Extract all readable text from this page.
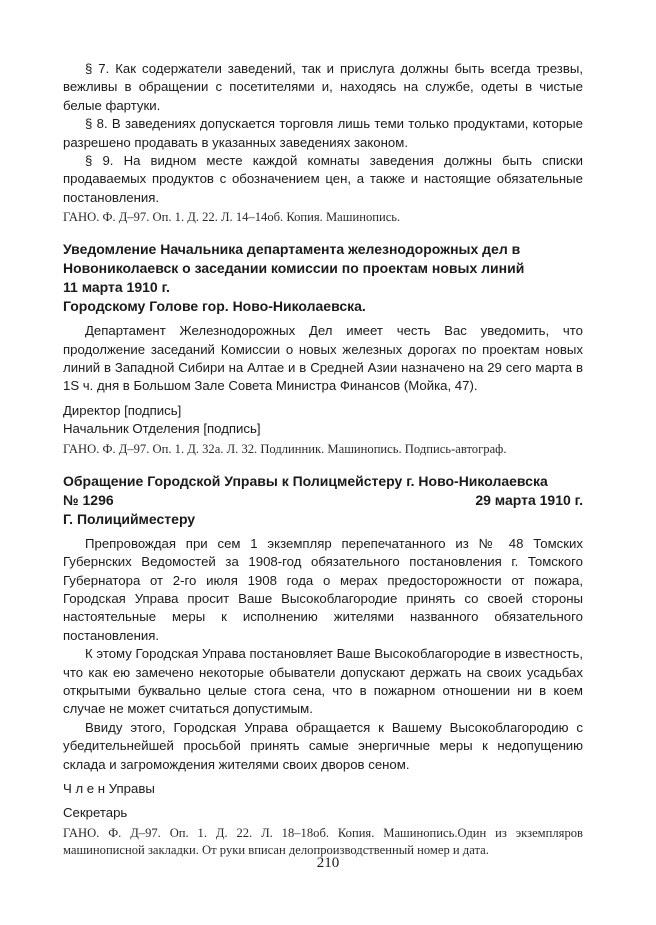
§ 7. Как содержатели заведений, так и прислуга должны быть всегда трезвы, вежливы в обращении с посетителями и, находясь на службе, одеты в чистые белые фартуки.

§ 8. В заведениях допускается торговля лишь теми только продуктами, которые разрешено продавать в указанных заведениях законом.

§ 9. На видном месте каждой комнаты заведения должны быть списки продаваемых продуктов с обозначением цен, а также и настоящие обязательные постановления.

ГАНО. Ф. Д–97. Оп. 1. Д. 22. Л. 14–14об. Копия. Машинопись.

Уведомление Начальника департамента железнодорожных дел в Новониколаевск о заседании комиссии по проектам новых линий

11 марта 1910 г.

Городскому Голове гор. Ново-Николаевска.

Департамент Железнодорожных Дел имеет честь Вас уведомить, что продолжение заседаний Комиссии о новых железных дорогах по проектам новых линий в Западной Сибири на Алтае и в Средней Азии назначено на 29 сего марта в 1S ч. дня в Большом Зале Совета Министра Финансов (Мойка, 47).

Директор [подпись]

Начальник Отделения [подпись]

ГАНО. Ф. Д–97. Оп. 1. Д. 32а. Л. 32. Подлинник. Машинопись. Подпись-автограф.

Обращение Городской Управы к Полицмейстеру г. Ново-Николаевска

№ 1296	29 марта 1910 г.

Г. Полицийместеру

Препровождая при сем 1 экземпляр перепечатанного из № 48 Томских Губернских Ведомостей за 1908-год обязательного постановления г. Томского Губернатора от 2-го июля 1908 года о мерах предосторожности от пожара, Городская Управа просит Ваше Высокоблагородие принять со своей стороны настоятельные меры к исполнению жителями названного обязательного постановления.

К этому Городская Управа постановляет Ваше Высокоблагородие в известность, что как ею замечено некоторые обыватели допускают держать на своих усадьбах открытыми буквально целые стога сена, что в пожарном отношении ни в коем случае не может считаться допустимым.

Ввиду этого, Городская Управа обращается к Вашему Высокоблагородию с убедительнейшей просьбой принять самые энергичные меры к недопущению склада и загромождения жителями своих дворов сеном.

Ч л е н Управы

Секретарь

ГАНО. Ф. Д–97. Оп. 1. Д. 22. Л. 18–18об. Копия. Машинопись.Один из экземпляров машинописной закладки. От руки вписан делопроизводственный номер и дата.

210
